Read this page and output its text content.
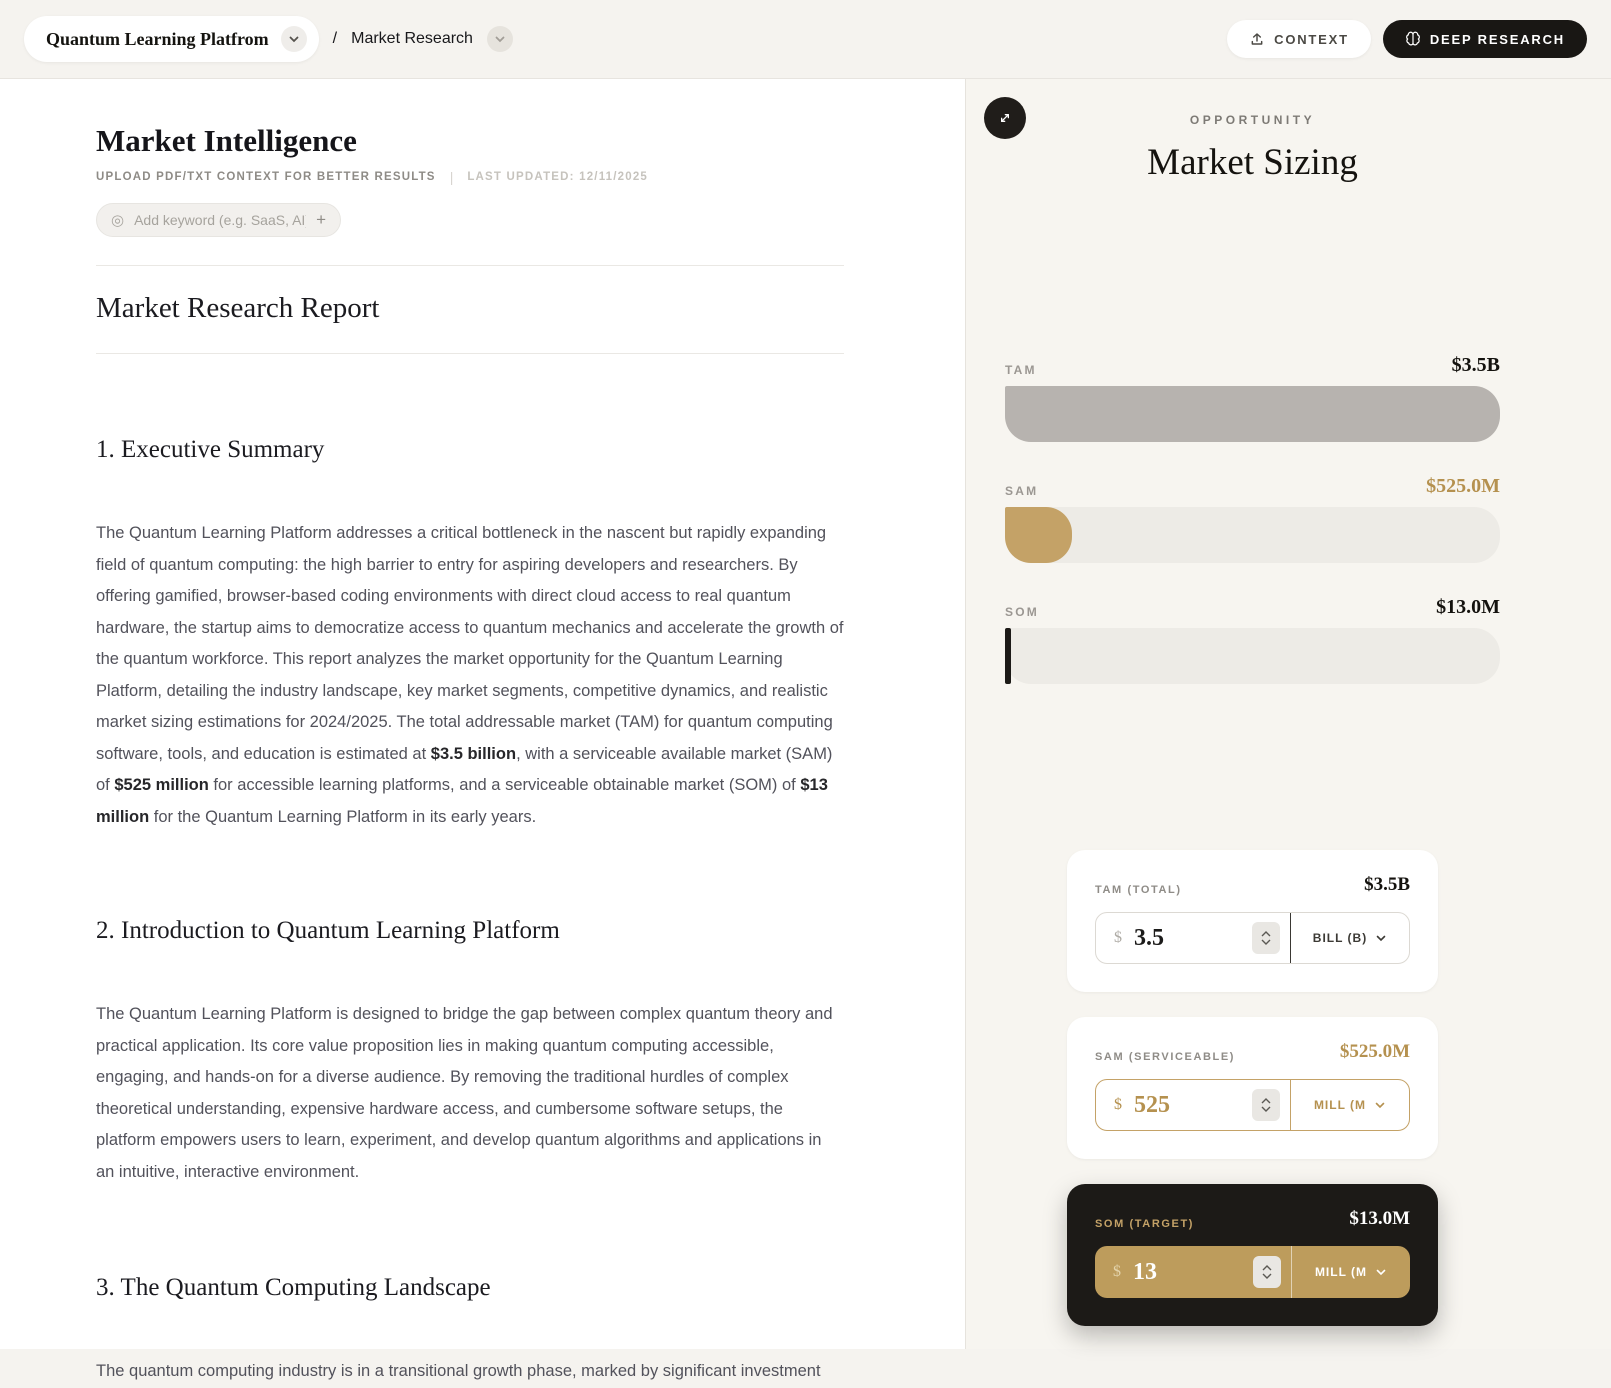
Quantum Learning Platfrom	/ Market Research	CONTEXT	DEEP RESEARCH
Market Intelligence
UPLOAD PDF/TXT CONTEXT FOR BETTER RESULTS | LAST UPDATED: 12/11/2025
◎
Add keyword (e.g. SaaS, AI)...	+
Market Research Report
1. Executive Summary

The Quantum Learning Platform addresses a critical bottleneck in the nascent but rapidly expanding field of quantum computing: the high barrier to entry for aspiring developers and researchers. By offering gamified, browser-based coding environments with direct cloud access to real quantum hardware, the startup aims to democratize access to quantum mechanics and accelerate the growth of the quantum workforce. This report analyzes the market opportunity for the Quantum Learning Platform, detailing the industry landscape, key market segments, competitive dynamics, and realistic market sizing estimations for 2024/2025. The total addressable market (TAM) for quantum computing software, tools, and education is estimated at $3.5 billion, with a serviceable available market (SAM) of $525 million for accessible learning platforms, and a serviceable obtainable market (SOM) of $13 million for the Quantum Learning Platform in its early years.

2. Introduction to Quantum Learning Platform

The Quantum Learning Platform is designed to bridge the gap between complex quantum theory and practical application. Its core value proposition lies in making quantum computing accessible, engaging, and hands-on for a diverse audience. By removing the traditional hurdles of complex theoretical understanding, expensive hardware access, and cumbersome software setups, the platform empowers users to learn, experiment, and develop quantum algorithms and applications in an intuitive, interactive environment.

3. The Quantum Computing Landscape

The quantum computing industry is in a transitional growth phase, marked by significant investment

OPPORTUNITY
Market Sizing
TAM	$3.5B
SAM	$525.0M
SOM	$13.0M
TAM (TOTAL)	$3.5B
$
3.5	BILL (B)
SAM (SERVICEABLE)	$525.0M
$
525	MILL (M
SOM (TARGET)	$13.0M
$
13	MILL (M
